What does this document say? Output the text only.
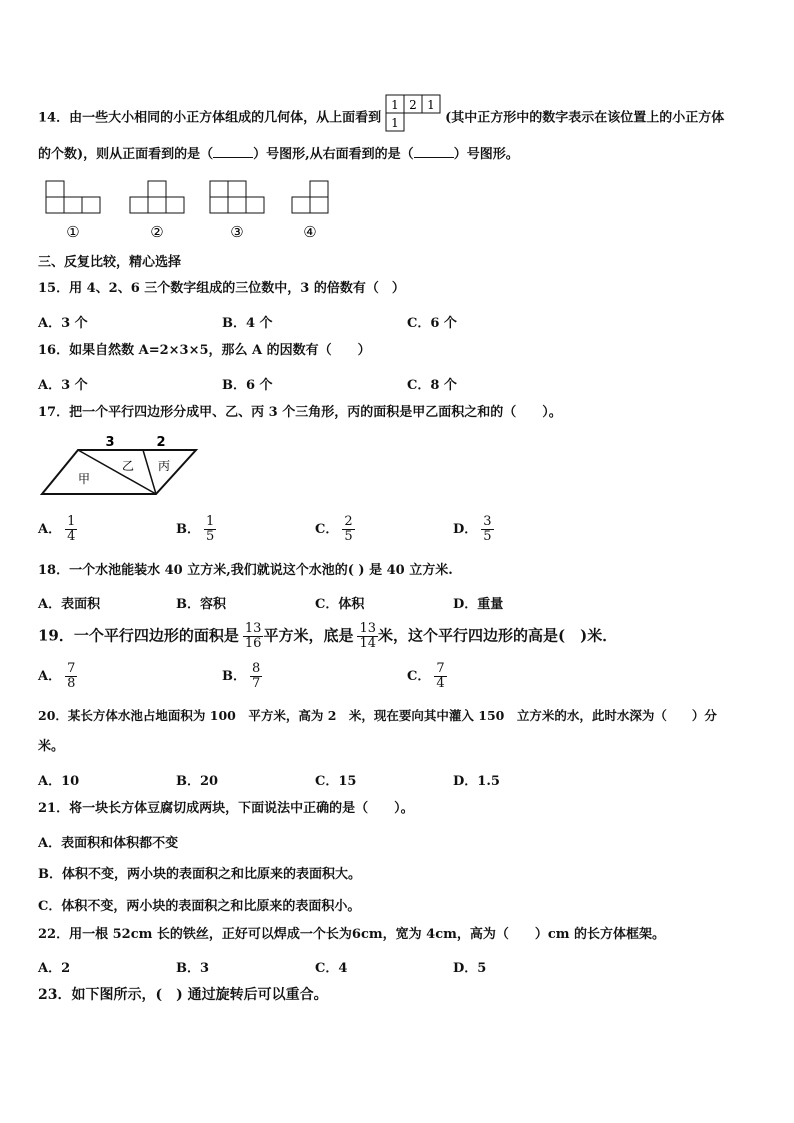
14．由一些大小相同的小正方体组成的几何体，从上面看到
1 2 1
1	(其中正方形中的数字表示在该位置上的小正方体
的个数)，则从正面看到的是（	）号图形,从右面看到的是（	）号图形。
①	②	③	④
三、反复比较，精心选择
15．用 4、2、6 三个数字组成的三位数中，3 的倍数有（　）
A．3 个	B．4 个	C．6 个
16．如果自然数 A=2×3×5，那么 A 的因数有（　　）
A．3 个	B．6 个	C．8 个
17．把一个平行四边形分成甲、乙、丙 3 个三角形，丙的面积是甲乙面积之和的（　　）。
3	2
甲
乙 丙
A． $\frac{1}{4}$	B． $\frac{1}{5}$	C． $\frac{2}{5}$	D． $\frac{3}{5}$
18．一个水池能装水 40 立方米,我们就说这个水池的( ) 是 40 立方米.
A．表面积	B．容积	C．体积	D．重量
19．一个平行四边形的面积是 $\frac{13}{16}$ 平方米，底是 $\frac{13}{14}$ 米，这个平行四边形的高是(　)米．
A． $\frac{7}{8}$	B． $\frac{8}{7}$	C． $\frac{7}{4}$
20．某长方体水池占地面积为 100　平方米，高为 2　米，现在要向其中灌入 150　立方米的水，此时水深为（　　）分
米。
A．10	B．20	C．15	D．1.5
21．将一块长方体豆腐切成两块，下面说法中正确的是（　　）。
A．表面积和体积都不变
B．体积不变，两小块的表面积之和比原来的表面积大。
C．体积不变，两小块的表面积之和比原来的表面积小。
22．用一根 52cm 长的铁丝，正好可以焊成一个长为6cm，宽为 4cm，高为（　　）cm 的长方体框架。
A．2	B．3	C．4	D．5
23．如下图所示，(　) 通过旋转后可以重合。
